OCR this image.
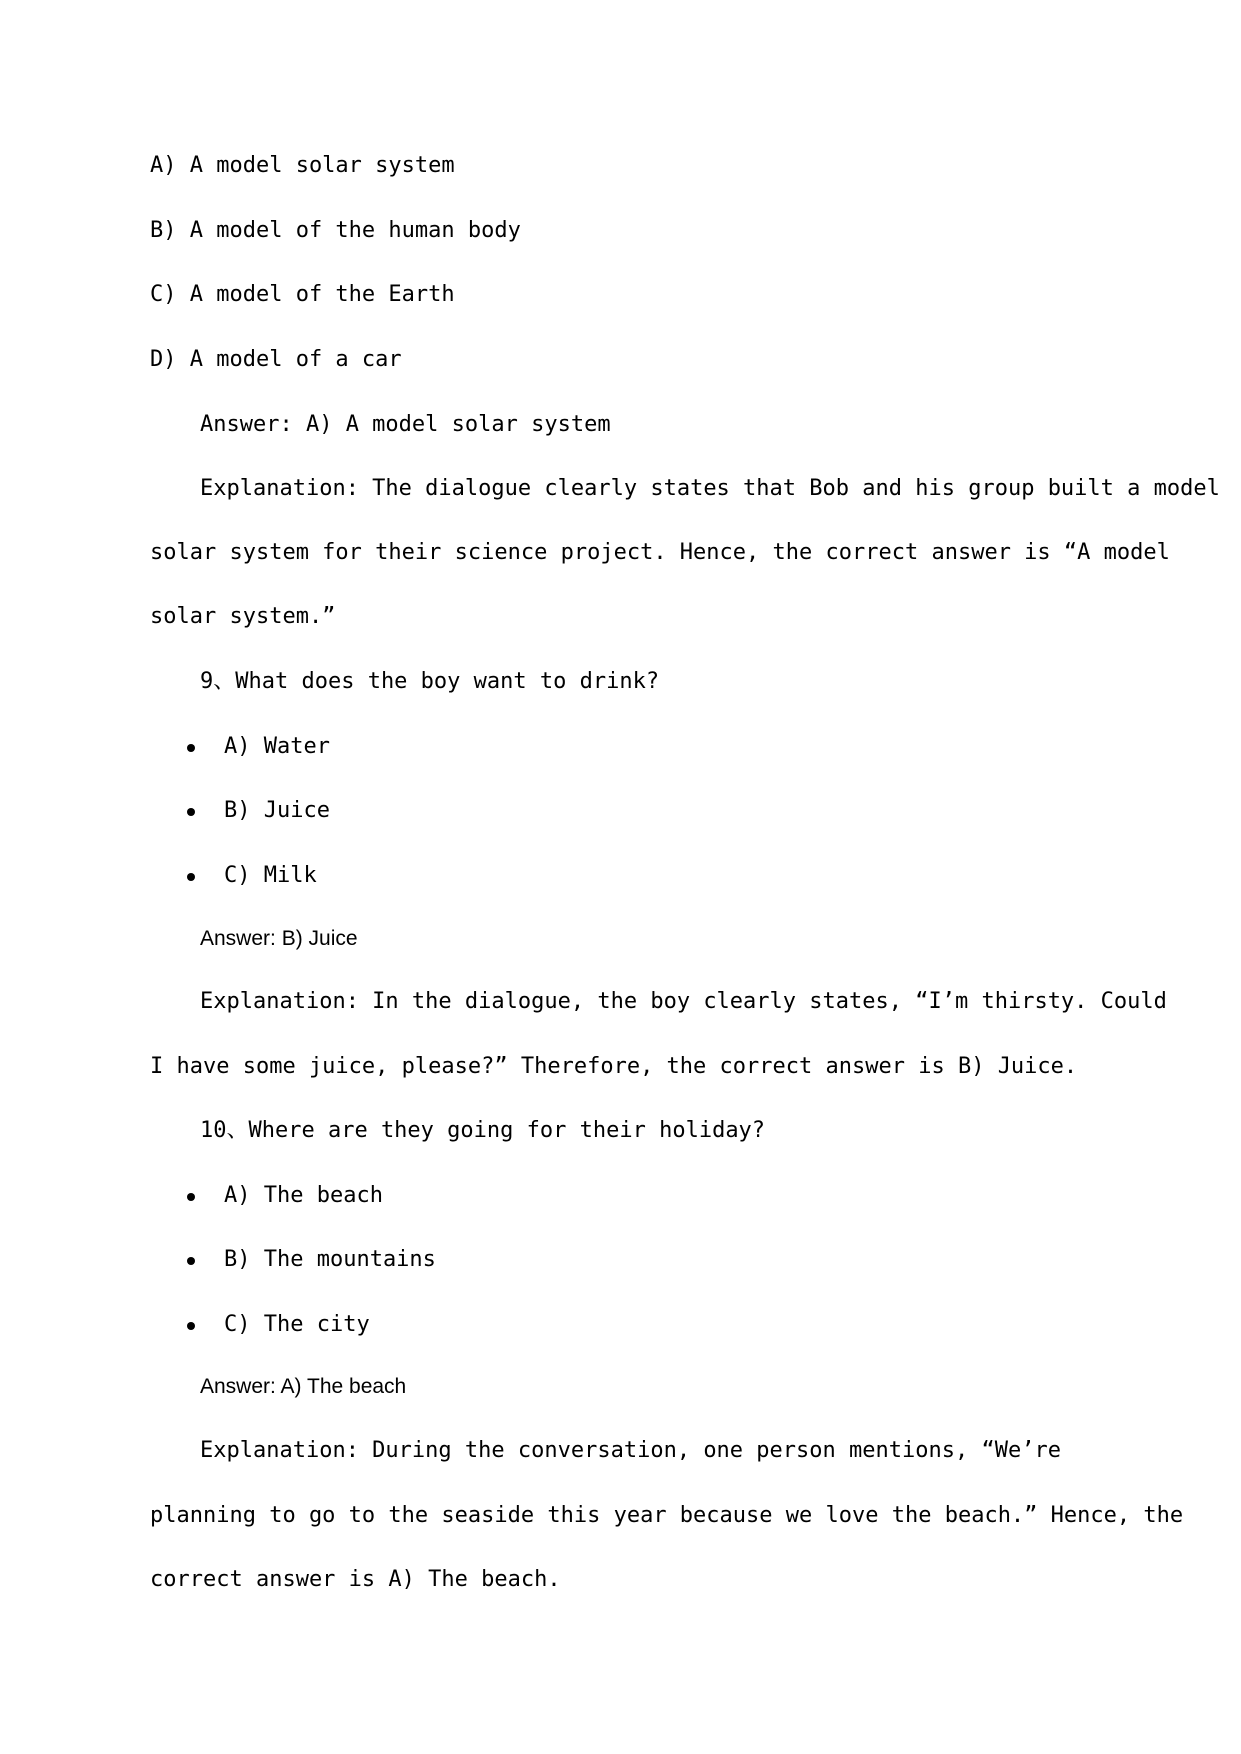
A) A model solar system
B) A model of the human body
C) A model of the Earth
D) A model of a car
Answer: A) A model solar system
Explanation: The dialogue clearly states that Bob and his group built a model
solar system for their science project. Hence, the correct answer is “A model
solar system.”
9、What does the boy want to drink?
A) Water
B) Juice
C) Milk
Answer: B) Juice
Explanation: In the dialogue, the boy clearly states, “I’m thirsty. Could
I have some juice, please?” Therefore, the correct answer is B) Juice.
10、Where are they going for their holiday?
A) The beach
B) The mountains
C) The city
Answer: A) The beach
Explanation: During the conversation, one person mentions, “We’re
planning to go to the seaside this year because we love the beach.” Hence, the
correct answer is A) The beach.
